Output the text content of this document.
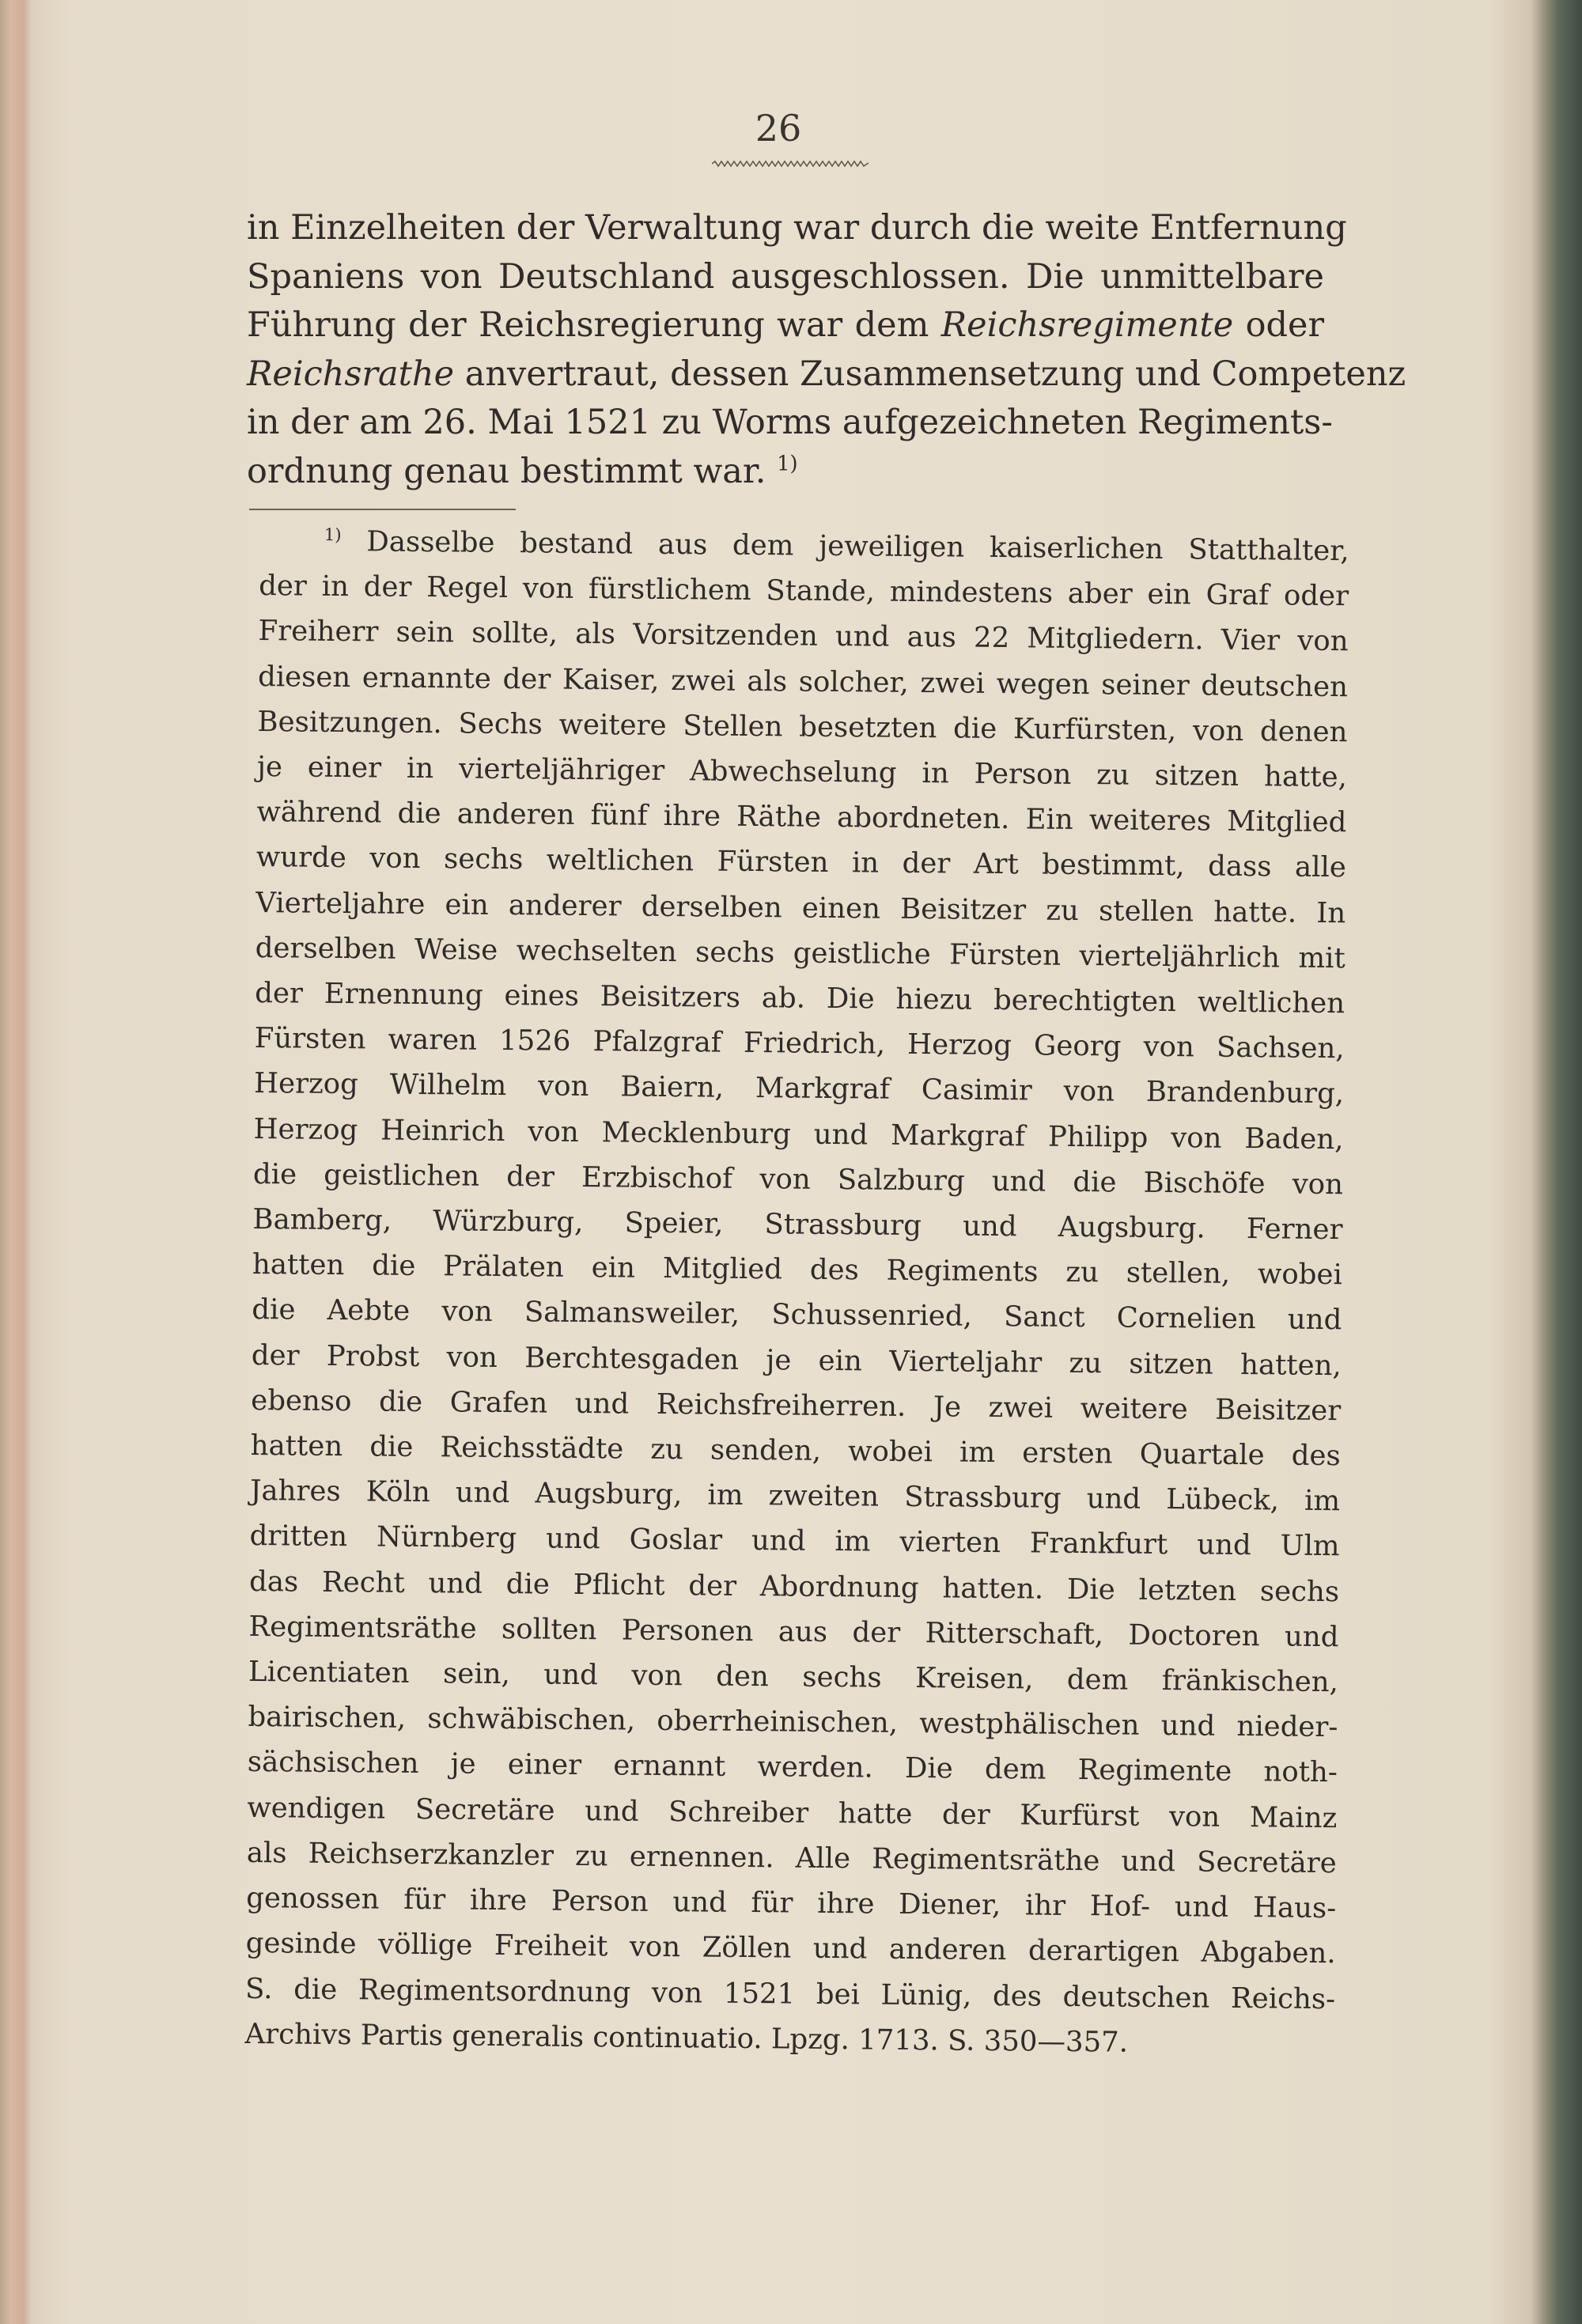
26
in Einzelheiten der Verwaltung war durch die weite Entfernung
Spaniens von Deutschland ausgeschlossen. Die unmittelbare
Führung der Reichsregierung war dem Reichsregimente oder
Reichsrathe anvertraut, dessen Zusammensetzung und Competenz
in der am 26. Mai 1521 zu Worms aufgezeichneten Regiments-
ordnung genau bestimmt war. $^{1)}$
$^{1)}$ Dasselbe bestand aus dem jeweiligen kaiserlichen Statthalter,
der in der Regel von fürstlichem Stande, mindestens aber ein Graf oder
Freiherr sein sollte, als Vorsitzenden und aus 22 Mitgliedern. Vier von
diesen ernannte der Kaiser, zwei als solcher, zwei wegen seiner deutschen
Besitzungen. Sechs weitere Stellen besetzten die Kurfürsten, von denen
je einer in vierteljähriger Abwechselung in Person zu sitzen hatte,
während die anderen fünf ihre Räthe abordneten. Ein weiteres Mitglied
wurde von sechs weltlichen Fürsten in der Art bestimmt, dass alle
Vierteljahre ein anderer derselben einen Beisitzer zu stellen hatte. In
derselben Weise wechselten sechs geistliche Fürsten vierteljährlich mit
der Ernennung eines Beisitzers ab. Die hiezu berechtigten weltlichen
Fürsten waren 1526 Pfalzgraf Friedrich, Herzog Georg von Sachsen,
Herzog Wilhelm von Baiern, Markgraf Casimir von Brandenburg,
Herzog Heinrich von Mecklenburg und Markgraf Philipp von Baden,
die geistlichen der Erzbischof von Salzburg und die Bischöfe von
Bamberg, Würzburg, Speier, Strassburg und Augsburg. Ferner
hatten die Prälaten ein Mitglied des Regiments zu stellen, wobei
die Aebte von Salmansweiler, Schussenried, Sanct Cornelien und
der Probst von Berchtesgaden je ein Vierteljahr zu sitzen hatten,
ebenso die Grafen und Reichsfreiherren. Je zwei weitere Beisitzer
hatten die Reichsstädte zu senden, wobei im ersten Quartale des
Jahres Köln und Augsburg, im zweiten Strassburg und Lübeck, im
dritten Nürnberg und Goslar und im vierten Frankfurt und Ulm
das Recht und die Pflicht der Abordnung hatten. Die letzten sechs
Regimentsräthe sollten Personen aus der Ritterschaft, Doctoren und
Licentiaten sein, und von den sechs Kreisen, dem fränkischen,
bairischen, schwäbischen, oberrheinischen, westphälischen und nieder-
sächsischen je einer ernannt werden. Die dem Regimente noth-
wendigen Secretäre und Schreiber hatte der Kurfürst von Mainz
als Reichserzkanzler zu ernennen. Alle Regimentsräthe und Secretäre
genossen für ihre Person und für ihre Diener, ihr Hof- und Haus-
gesinde völlige Freiheit von Zöllen und anderen derartigen Abgaben.
S. die Regimentsordnung von 1521 bei Lünig, des deutschen Reichs-
Archivs Partis generalis continuatio. Lpzg. 1713. S. 350—357.
